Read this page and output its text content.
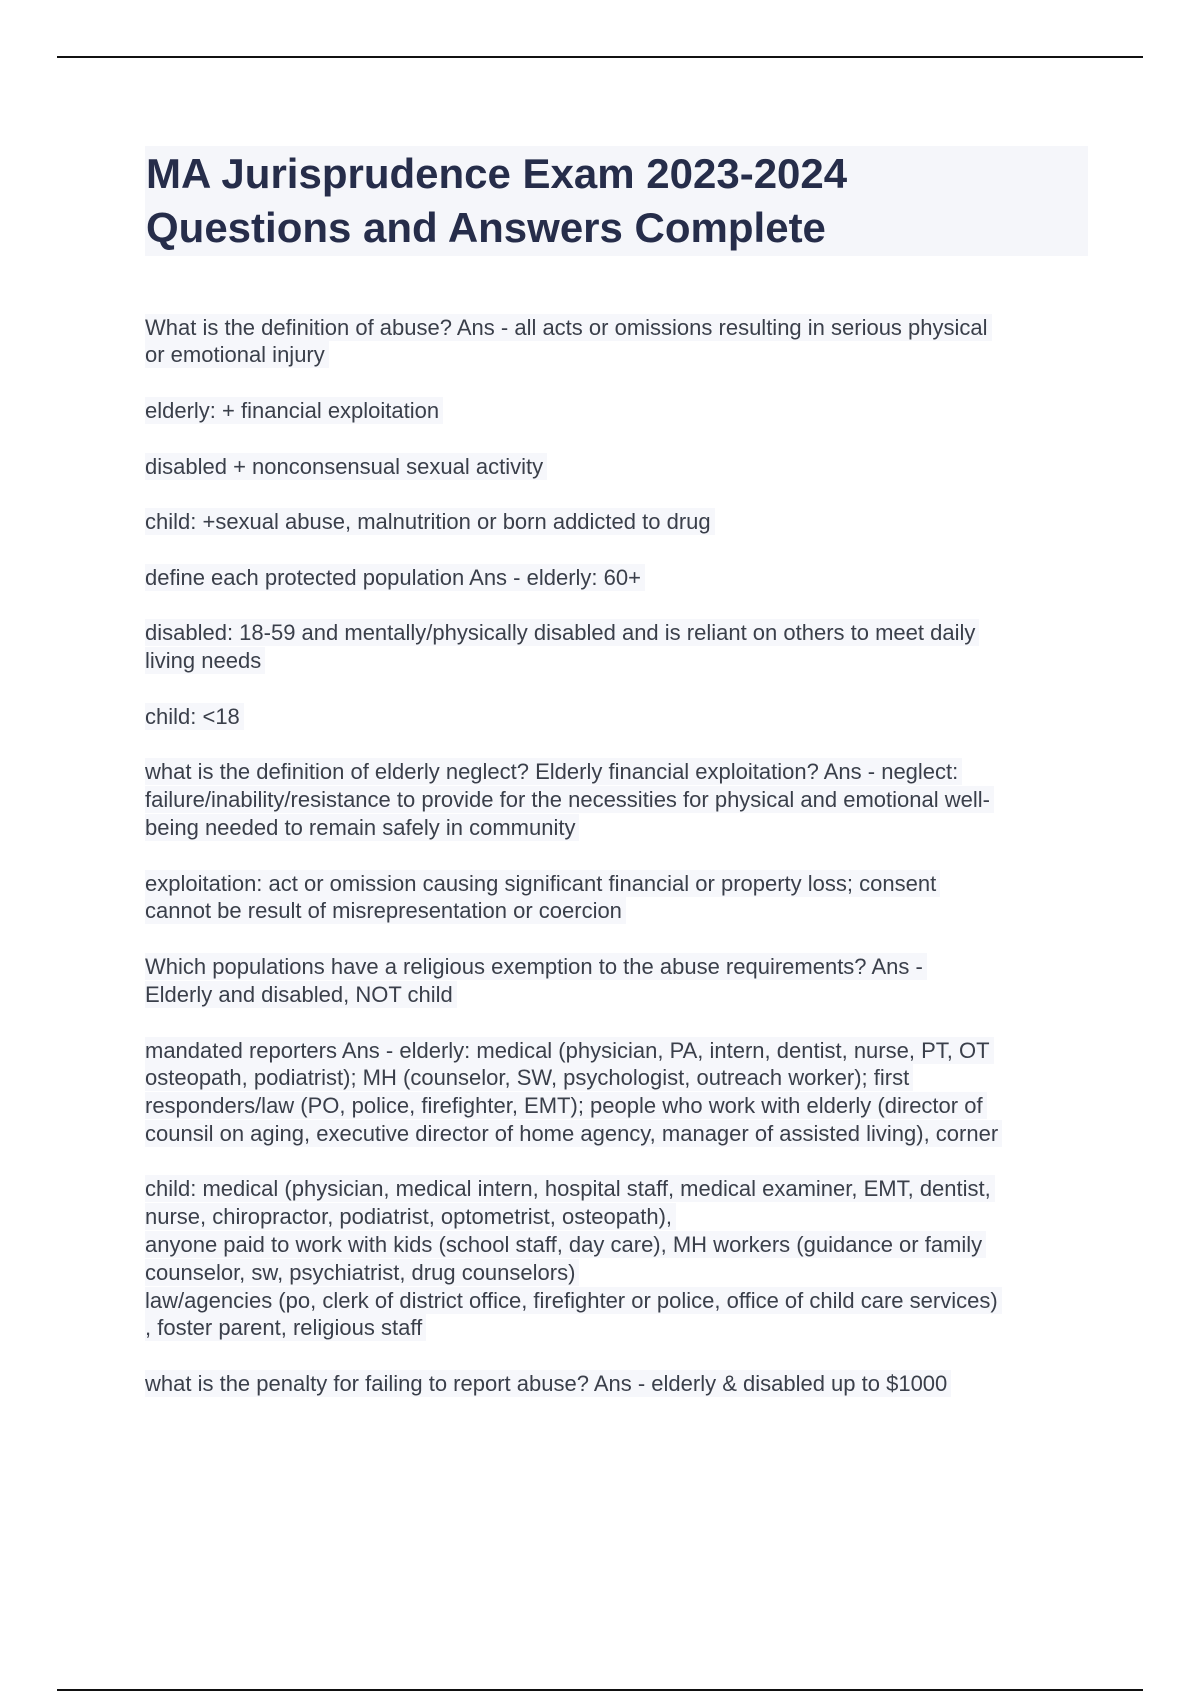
MA Jurisprudence Exam 2023-2024
Questions and Answers Complete
What is the definition of abuse? Ans - all acts or omissions resulting in serious physical
or emotional injury
elderly: + financial exploitation
disabled + nonconsensual sexual activity
child: +sexual abuse, malnutrition or born addicted to drug
define each protected population Ans - elderly: 60+
disabled: 18-59 and mentally/physically disabled and is reliant on others to meet daily
living needs
child: <18
what is the definition of elderly neglect? Elderly financial exploitation? Ans - neglect:
failure/inability/resistance to provide for the necessities for physical and emotional well-
being needed to remain safely in community
exploitation: act or omission causing significant financial or property loss; consent
cannot be result of misrepresentation or coercion
Which populations have a religious exemption to the abuse requirements? Ans -
Elderly and disabled, NOT child
mandated reporters Ans - elderly: medical (physician, PA, intern, dentist, nurse, PT, OT
osteopath, podiatrist); MH (counselor, SW, psychologist, outreach worker); first
responders/law (PO, police, firefighter, EMT); people who work with elderly (director of
counsil on aging, executive director of home agency, manager of assisted living), corner
child: medical (physician, medical intern, hospital staff, medical examiner, EMT, dentist,
nurse, chiropractor, podiatrist, optometrist, osteopath),
anyone paid to work with kids (school staff, day care), MH workers (guidance or family
counselor, sw, psychiatrist, drug counselors)
law/agencies (po, clerk of district office, firefighter or police, office of child care services)
, foster parent, religious staff
what is the penalty for failing to report abuse? Ans - elderly & disabled up to $1000
